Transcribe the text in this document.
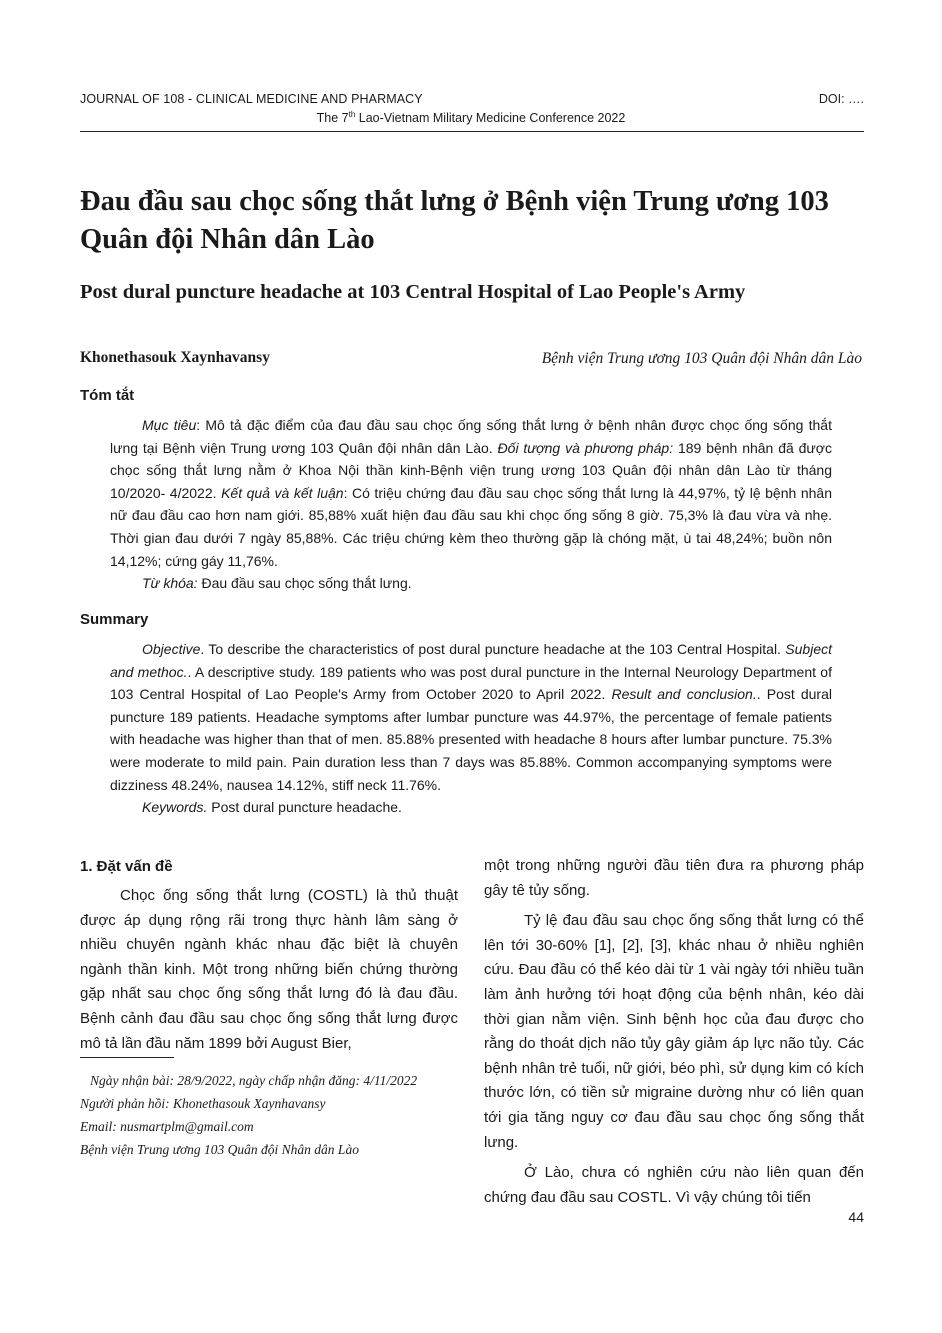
JOURNAL OF 108 - CLINICAL MEDICINE AND PHARMACY	DOI: ….
The 7th Lao-Vietnam Military Medicine Conference 2022
Đau đầu sau chọc sống thắt lưng ở Bệnh viện Trung ương 103 Quân đội Nhân dân Lào
Post dural puncture headache at 103 Central Hospital of Lao People's Army
Khonethasouk Xaynhavansy	Bệnh viện Trung ương 103 Quân đội Nhân dân Lào
Tóm tắt

Mục tiêu: Mô tả đặc điểm của đau đầu sau chọc ống sống thắt lưng ở bệnh nhân được chọc ống sống thắt lưng tại Bệnh viện Trung ương 103 Quân đội nhân dân Lào. Đối tượng và phương pháp: 189 bệnh nhân đã được chọc sống thắt lưng nằm ở Khoa Nội thần kinh-Bệnh viện trung ương 103 Quân đội nhân dân Lào từ tháng 10/2020- 4/2022. Kết quả và kết luận: Có triệu chứng đau đầu sau chọc sống thắt lưng là 44,97%, tỷ lệ bệnh nhân nữ đau đầu cao hơn nam giới. 85,88% xuất hiện đau đầu sau khi chọc ống sống 8 giờ. 75,3% là đau vừa và nhẹ. Thời gian đau dưới 7 ngày 85,88%. Các triệu chứng kèm theo thường gặp là chóng mặt, ù tai 48,24%; buồn nôn 14,12%; cứng gáy 11,76%.

Từ khóa: Đau đầu sau chọc sống thắt lưng.

Summary

Objective. To describe the characteristics of post dural puncture headache at the 103 Central Hospital. Subject and methoc.. A descriptive study. 189 patients who was post dural puncture in the Internal Neurology Department of 103 Central Hospital of Lao People's Army from October 2020 to April 2022. Result and conclusion.. Post dural puncture 189 patients. Headache symptoms after lumbar puncture was 44.97%, the percentage of female patients with headache was higher than that of men. 85.88% presented with headache 8 hours after lumbar puncture. 75.3% were moderate to mild pain. Pain duration less than 7 days was 85.88%. Common accompanying symptoms were dizziness 48.24%, nausea 14.12%, stiff neck 11.76%.

Keywords. Post dural puncture headache.

1. Đặt vấn đề

Chọc ống sống thắt lưng (COSTL) là thủ thuật được áp dụng rộng rãi trong thực hành lâm sàng ở nhiều chuyên ngành khác nhau đặc biệt là chuyên ngành thần kinh. Một trong những biến chứng thường gặp nhất sau chọc ống sống thắt lưng đó là đau đầu. Bệnh cảnh đau đầu sau chọc ống sống thắt lưng được mô tả lần đầu năm 1899 bởi August Bier,

một trong những người đầu tiên đưa ra phương pháp gây tê tủy sống.

Tỷ lệ đau đầu sau chọc ống sống thắt lưng có thể lên tới 30-60% [1], [2], [3], khác nhau ở nhiều nghiên cứu. Đau đầu có thể kéo dài từ 1 vài ngày tới nhiều tuần làm ảnh hưởng tới hoạt động của bệnh nhân, kéo dài thời gian nằm viện. Sinh bệnh học của đau được cho rằng do thoát dịch não tủy gây giảm áp lực não tủy. Các bệnh nhân trẻ tuổi, nữ giới, béo phì, sử dụng kim có kích thước lớn, có tiền sử migraine dường như có liên quan tới gia tăng nguy cơ đau đầu sau chọc ống sống thắt lưng.

Ở Lào, chưa có nghiên cứu nào liên quan đến chứng đau đầu sau COSTL. Vì vậy chúng tôi tiến

Ngày nhận bài: 28/9/2022, ngày chấp nhận đăng: 4/11/2022
Người phản hồi: Khonethasouk Xaynhavansy
Email: nusmartplm@gmail.com
Bệnh viện Trung ương 103 Quân đội Nhân dân Lào
44
